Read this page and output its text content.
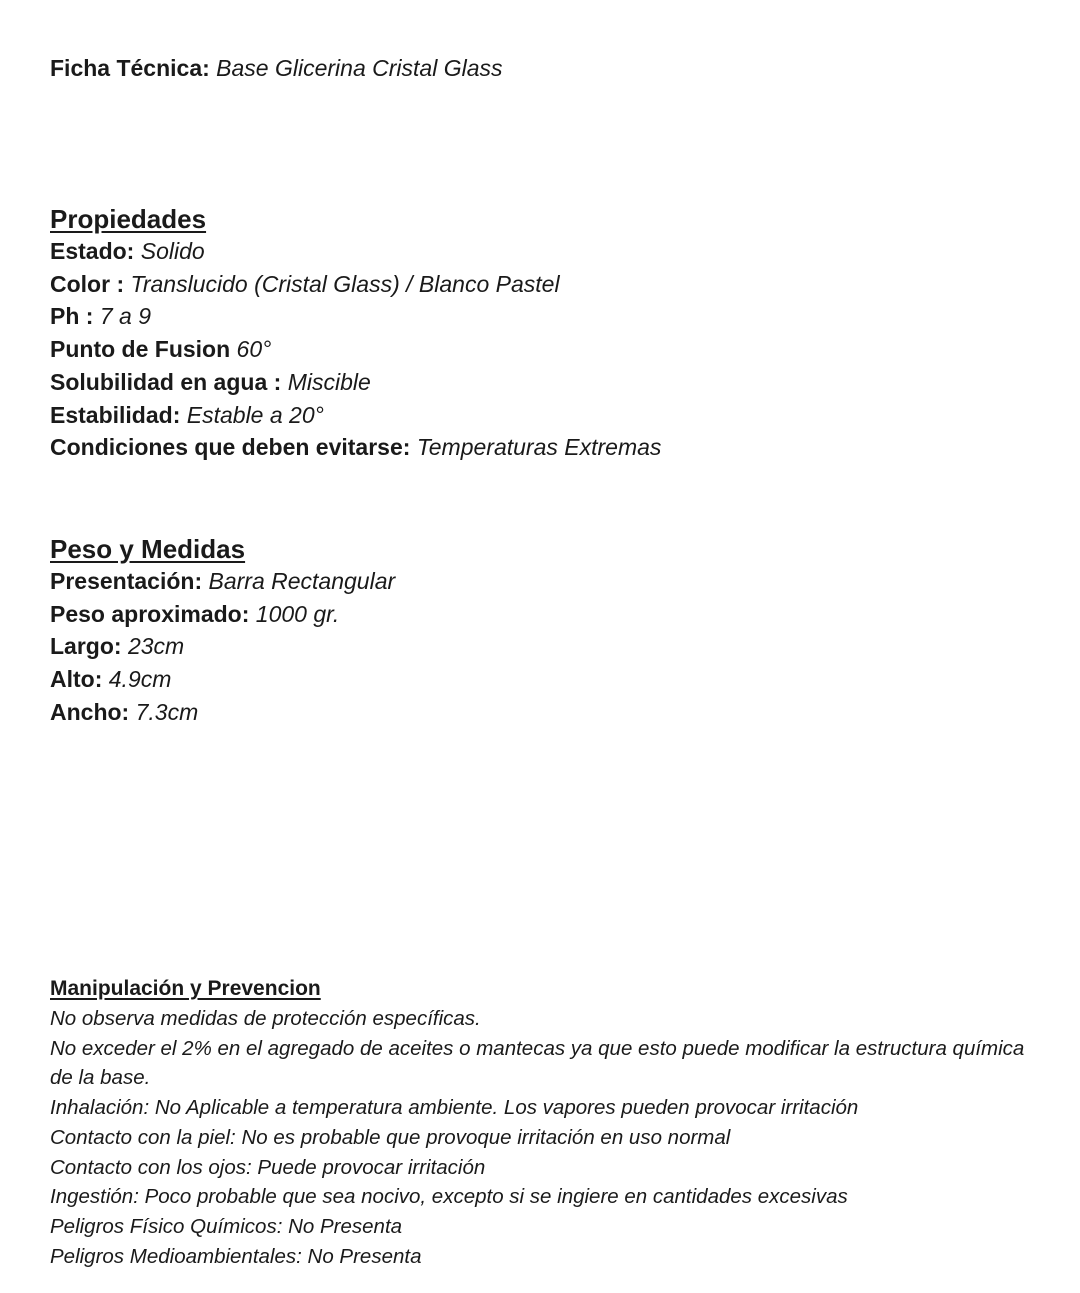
Ficha Técnica: Base Glicerina Cristal Glass
Propiedades
Estado: Solido
Color : Translucido (Cristal Glass) / Blanco Pastel
Ph : 7 a 9
Punto de Fusion 60°
Solubilidad en agua : Miscible
Estabilidad: Estable a 20°
Condiciones que deben evitarse: Temperaturas Extremas
Peso y Medidas
Presentación: Barra Rectangular
Peso aproximado: 1000 gr.
Largo: 23cm
Alto: 4.9cm
Ancho: 7.3cm
Manipulación y Prevencion
No observa medidas de protección específicas.
No exceder el 2% en el agregado de aceites o mantecas ya que esto puede modificar la estructura química de la base.
Inhalación: No Aplicable a temperatura ambiente. Los vapores pueden provocar irritación
Contacto con la piel: No es probable que provoque irritación en uso normal
Contacto con los ojos: Puede provocar irritación
Ingestión: Poco probable que sea nocivo, excepto si se ingiere en cantidades excesivas
Peligros Físico Químicos: No Presenta
Peligros Medioambientales: No Presenta
